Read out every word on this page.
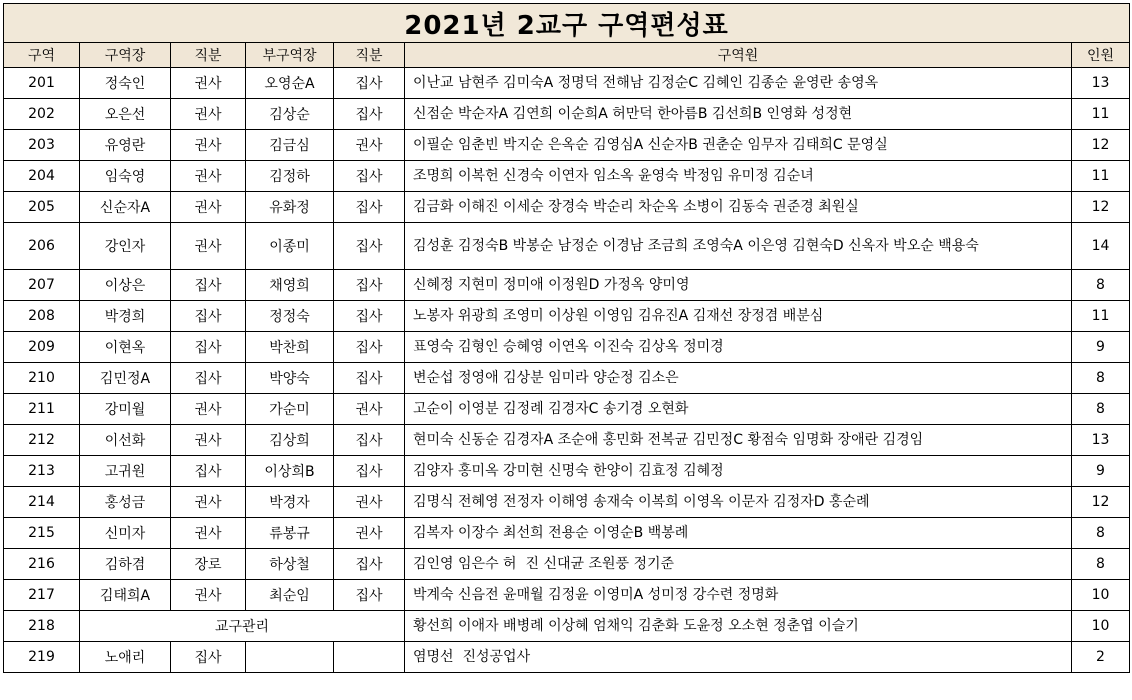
2021년 2교구 구역편성표						
구역	구역장	직분	부구역장	직분	구역원	인원
201	정숙인	권사	오영순A	집사	이난교 남현주 김미숙A 정명덕 전해남 김정순C 김혜인 김종순 윤영란 송영옥	13
202	오은선	권사	김상순	집사	신점순 박순자A 김연희 이순희A 허만덕 한아름B 김선희B 인영화 성정현	11
203	유영란	권사	김금심	권사	이필순 임춘빈 박지순 은옥순 김영심A 신순자B 권춘순 임무자 김태희C 문영실	12
204	임숙영	권사	김정하	집사	조명희 이복헌 신경숙 이연자 임소옥 윤영숙 박정임 유미정 김순녀	11
205	신순자A	권사	유화정	집사	김금화 이해진 이세순 장경숙 박순리 차순옥 소병이 김동숙 권준경 최원실	12
206	강인자	권사	이종미	집사	김성훈 김정숙B 박봉순 남정순 이경남 조금희 조영숙A 이은영 김현숙D 신옥자 박오순 백용숙	14
207	이상은	집사	채영희	집사	신혜정 지현미 정미애 이정원D 가정옥 양미영	8
208	박경희	집사	정정숙	집사	노봉자 위광희 조영미 이상원 이영임 김유진A 김재선 장정겸 배분심	11
209	이현옥	집사	박찬희	집사	표영숙 김형인 승혜영 이연옥 이진숙 김상옥 정미경	9
210	김민정A	집사	박양숙	집사	변순섭 정영애 김상분 임미라 양순정 김소은	8
211	강미월	권사	가순미	권사	고순이 이영분 김정례 김경자C 송기경 오현화	8
212	이선화	권사	김상희	집사	현미숙 신동순 김경자A 조순애 홍민화 전복균 김민정C 황점숙 임명화 장애란 김경임	13
213	고귀원	집사	이상희B	집사	김양자 홍미옥 강미현 신명숙 한양이 김효정 김혜정	9
214	홍성금	권사	박경자	권사	김명식 전혜영 전정자 이해영 송재숙 이복희 이영옥 이문자 김정자D 홍순례	12
215	신미자	권사	류봉규	권사	김복자 이장수 최선희 전용순 이영순B 백봉례	8
216	김하겸	장로	하상철	집사	김인영 임은수 허  진 신대균 조원풍 정기준	8
217	김태희A	권사	최순임	집사	박계숙 신음전 윤매월 김정윤 이영미A 성미정 강수련 정명화	10
218	교구관리				황선희 이애자 배병례 이상혜 엄채익 김춘화 도윤정 오소현 정춘엽 이슬기	10
219	노애리	집사			염명선  진성공업사	2
